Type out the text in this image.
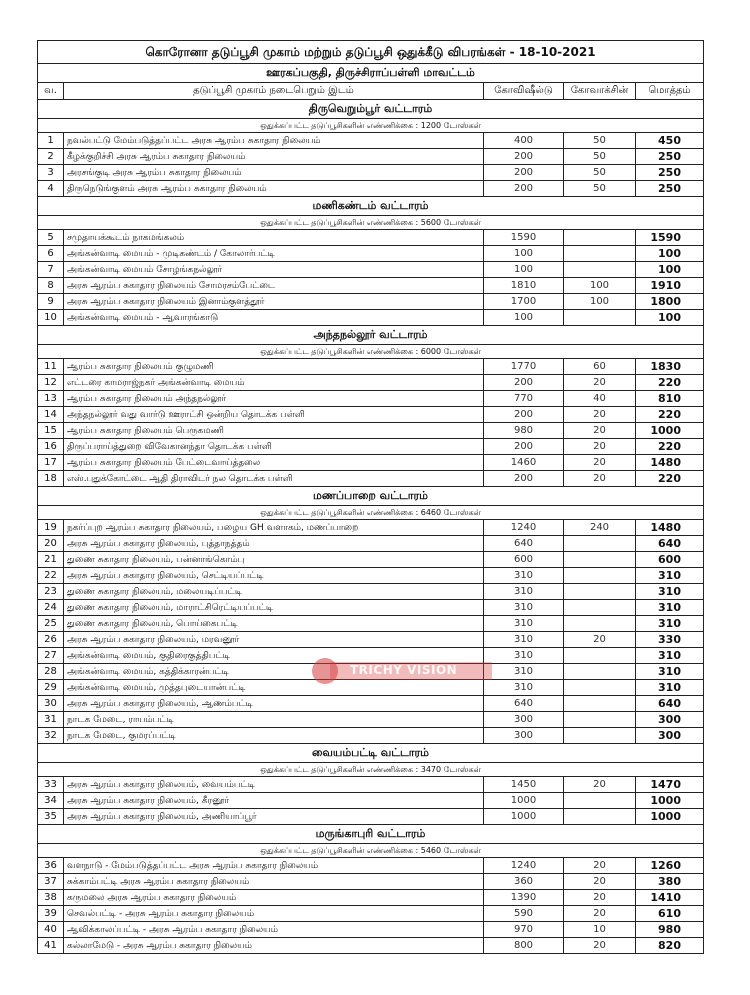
கொரோனா தடுப்பூசி முகாம் மற்றும் தடுப்பூசி ஒதுக்கீடு விபரங்கள் - 18-10-2021				
ஊரகப்பகுதி, திருச்சிராப்பள்ளி மாவட்டம்				
வ.	தடுப்பூசி முகாம் நடைபெறும் இடம்	கோவிஷீல்டு	கோவாக்சின்	மொத்தம்
திருவெறும்பூர் வட்டாரம்				
ஒதுக்கப்பட்ட தடுப்பூசிகளின் எண்ணிக்கை : 1200 டோஸ்கள்				
1	நவல்பட்டு மேம்படுத்தப்பட்ட அரசு ஆரம்ப சுகாதார நிலையம்	400	50	450
2	கீழக்குறிச்சி அரசு ஆரம்ப சுகாதார நிலையம்	200	50	250
3	அரசங்குடி அரசு ஆரம்ப சுகாதார நிலையம்	200	50	250
4	திருநெடுங்குளம் அரசு ஆரம்ப சுகாதார நிலையம்	200	50	250
மணிகண்டம் வட்டாரம்				
ஒதுக்கப்பட்ட தடுப்பூசிகளின் எண்ணிக்கை : 5600 டோஸ்கள்				
5	சமுதாயக்கூடம் நாகமங்கலம்	1590		1590
6	அங்கன்வாடி மையம் - முடிகண்டம் / கோலார்பட்டி	100		100
7	அங்கன்வாடி மையம் சோழங்கநல்லூர்	100		100
8	அரசு ஆரம்ப சுகாதார நிலையம் சோமரசம்பேட்டை	1810	100	1910
9	அரசு ஆரம்ப சுகாதார நிலையம் இனாம்குளத்தூர்	1700	100	1800
10	அங்கன்வாடி மையம் - ஆவாரங்காடு	100		100
அந்தநல்லூர் வட்டாரம்				
ஒதுக்கப்பட்ட தடுப்பூசிகளின் எண்ணிக்கை : 6000 டோஸ்கள்				
11	ஆரம்ப சுகாதார நிலையம் குழுமணி	1770	60	1830
12	எட்டரை காமராஜ்நகர் அங்கன்வாடி மையம்	200	20	220
13	ஆரம்ப சுகாதார நிலையம் அந்தநல்லூர்	770	40	810
14	அந்தநல்லூர் வது வார்டு ஊராட்சி ஒன்றிய தொடக்க பள்ளி	200	20	220
15	ஆரம்ப சுகாதார நிலையம் பெருகமணி	980	20	1000
16	திருப்பராய்த்துறை விவேகானந்தா தொடக்க பள்ளி	200	20	220
17	ஆரம்ப சுகாதார நிலையம் பேட்டைவாய்த்தலை	1460	20	1480
18	எஸ்.புதுக்கோட்டை ஆதி திராவிடர் நல தொடக்க பள்ளி	200	20	220
மணப்பாறை வட்டாரம்				
ஒதுக்கப்பட்ட தடுப்பூசிகளின் எண்ணிக்கை : 6460 டோஸ்கள்				
19	நகர்ப்புற ஆரம்ப சுகாதார நிலையம், பழைய GH வளாகம், மணப்பாறை	1240	240	1480
20	அரசு ஆரம்ப சுகாதார நிலையம், புத்தாநத்தம்	640		640
21	துணை சுகாதார நிலையம், பன்னாங்கொம்பு	600		600
22	அரசு ஆரம்ப சுகாதார நிலையம், செட்டியப்பட்டி	310		310
23	துணை சுகாதார நிலையம், மலையடிப்பட்டி	310		310
24	துணை சுகாதார நிலையம், மாராட்சிரெட்டியப்பட்டி	310		310
25	துணை சுகாதார நிலையம், பொய்கைபட்டி	310		310
26	அரசு ஆரம்ப சுகாதார நிலையம், மரவனூர்	310	20	330
27	அங்கன்வாடி மையம், குதிரைகுத்திபட்டி	310		310
28	அங்கன்வாடி மையம், கத்திக்காரன்பட்டி	310		310
29	அங்கன்வாடி மையம், முத்தபுடையான்பட்டி	310		310
30	அரசு ஆரம்ப சுகாதார நிலையம், ஆணம்பட்டி	640		640
31	நாடக மேடை, ராயம்பட்டி	300		300
32	நாடக மேடை, குமரப்பட்டி	300		300
வையம்பட்டி வட்டாரம்				
ஒதுக்கப்பட்ட தடுப்பூசிகளின் எண்ணிக்கை : 3470 டோஸ்கள்				
33	அரசு ஆரம்ப சுகாதார நிலையம், வையம்பட்டி	1450	20	1470
34	அரசு ஆரம்ப சுகாதார நிலையம், கீரனூர்	1000		1000
35	அரசு ஆரம்ப சுகாதார நிலையம், அணியாப்பூர்	1000		1000
மருங்காபுரி வட்டாரம்				
ஒதுக்கப்பட்ட தடுப்பூசிகளின் எண்ணிக்கை : 5460 டோஸ்கள்				
36	வளநாடு - மேம்படுத்தப்பட்ட அரசு ஆரம்ப சுகாதார நிலையம்	1240	20	1260
37	சுக்காம்பட்டி அரசு ஆரம்ப சுகாதார நிலையம்	360	20	380
38	கருமலை அரசு ஆரம்ப சுகாதார நிலையம்	1390	20	1410
39	செவல்பட்டி - அரசு ஆரம்ப சுகாதார நிலையம்	590	20	610
40	ஆவிக்காலப்பட்டி - அரசு ஆரம்ப சுகாதார நிலையம்	970	10	980
41	கல்லாமேடு - அரசு ஆரம்ப சுகாதார நிலையம்	800	20	820
TRICHY VISION
